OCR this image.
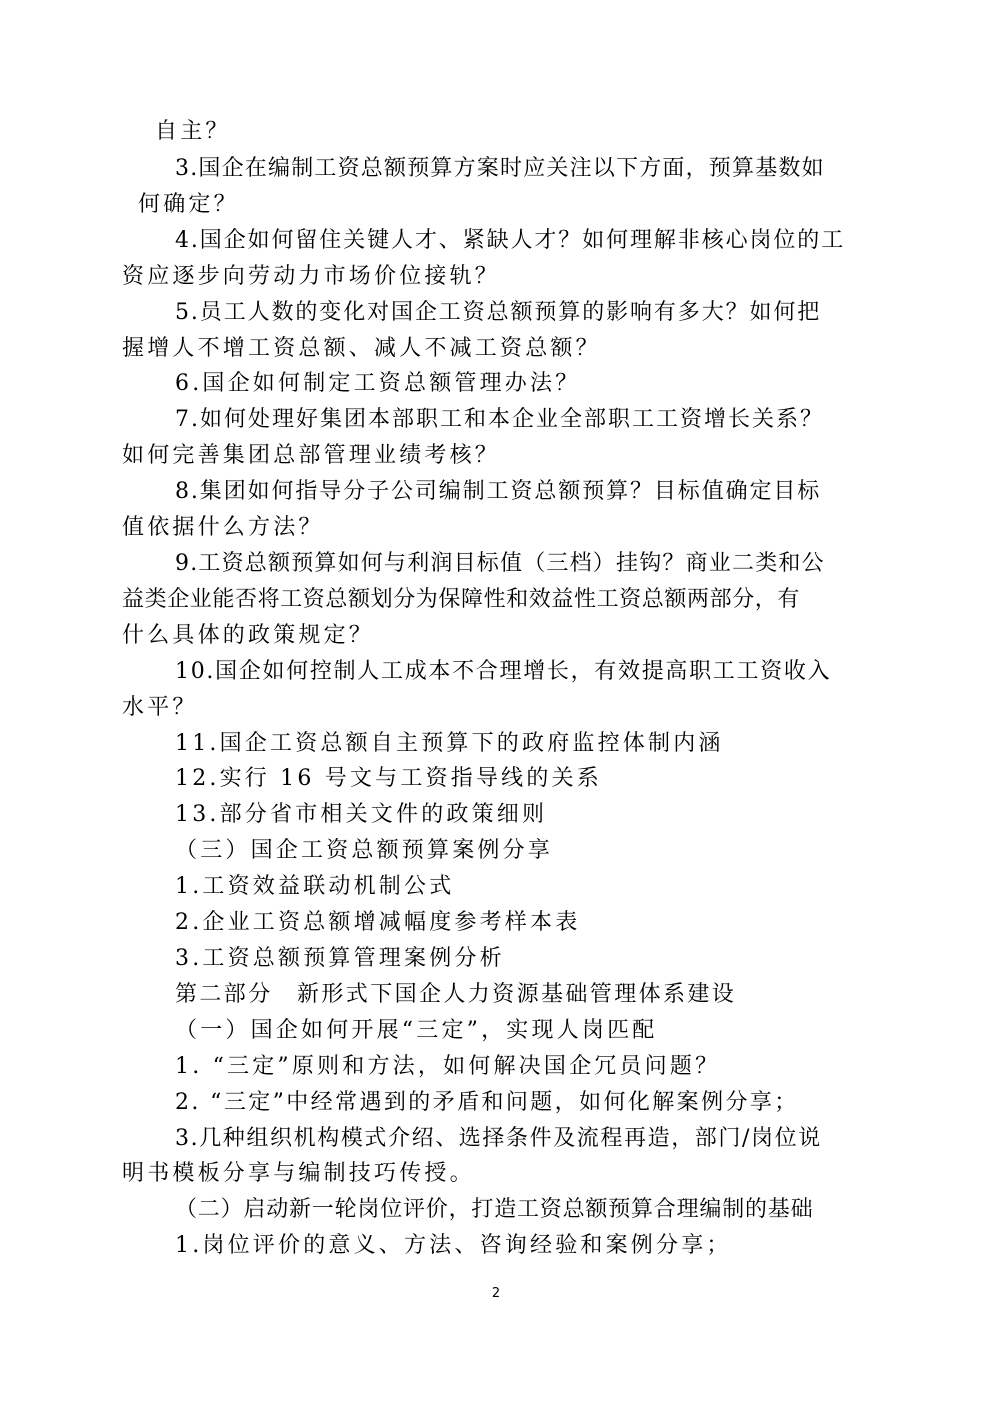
自主？
3.国企在编制工资总额预算方案时应关注以下方面，预算基数如
何确定？
4.国企如何留住关键人才、紧缺人才？如何理解非核心岗位的工
资应逐步向劳动力市场价位接轨？
5.员工人数的变化对国企工资总额预算的影响有多大？如何把
握增人不增工资总额、减人不减工资总额？
6.国企如何制定工资总额管理办法？
7.如何处理好集团本部职工和本企业全部职工工资增长关系？
如何完善集团总部管理业绩考核？
8.集团如何指导分子公司编制工资总额预算？目标值确定目标
值依据什么方法？
9.工资总额预算如何与利润目标值（三档）挂钩？商业二类和公
益类企业能否将工资总额划分为保障性和效益性工资总额两部分，有
什么具体的政策规定？
10.国企如何控制人工成本不合理增长，有效提高职工工资收入
水平？
11.国企工资总额自主预算下的政府监控体制内涵
12.实行 16 号文与工资指导线的关系
13.部分省市相关文件的政策细则
（三）国企工资总额预算案例分享
1.工资效益联动机制公式
2.企业工资总额增减幅度参考样本表
3.工资总额预算管理案例分析
第二部分　新形式下国企人力资源基础管理体系建设
（一）国企如何开展“三定”，实现人岗匹配
1. “三定”原则和方法，如何解决国企冗员问题？
2. “三定”中经常遇到的矛盾和问题，如何化解案例分享；
3.几种组织机构模式介绍、选择条件及流程再造，部门/岗位说
明书模板分享与编制技巧传授。
（二）启动新一轮岗位评价，打造工资总额预算合理编制的基础
1.岗位评价的意义、方法、咨询经验和案例分享；
2
